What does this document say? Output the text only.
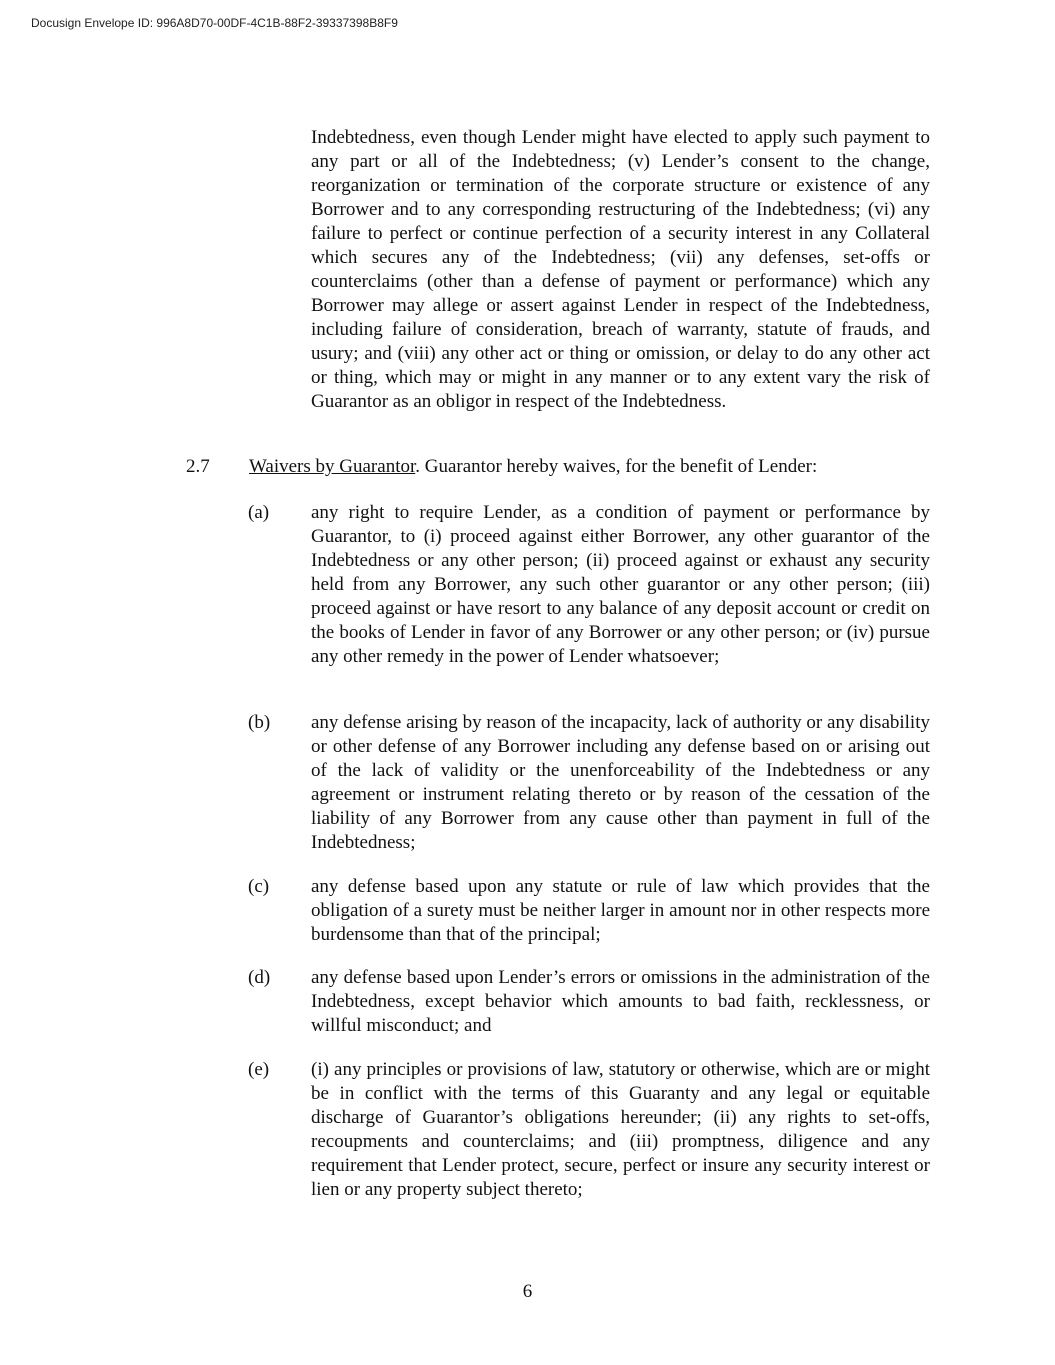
Docusign Envelope ID: 996A8D70-00DF-4C1B-88F2-39337398B8F9
Indebtedness, even though Lender might have elected to apply such payment to any part or all of the Indebtedness; (v) Lender’s consent to the change, reorganization or termination of the corporate structure or existence of any Borrower and to any corresponding restructuring of the Indebtedness; (vi) any failure to perfect or continue perfection of a security interest in any Collateral which secures any of the Indebtedness; (vii) any defenses, set-offs or counterclaims (other than a defense of payment or performance) which any Borrower may allege or assert against Lender in respect of the Indebtedness, including failure of consideration, breach of warranty, statute of frauds, and usury; and (viii) any other act or thing or omission, or delay to do any other act or thing, which may or might in any manner or to any extent vary the risk of Guarantor as an obligor in respect of the Indebtedness.
2.7 Waivers by Guarantor. Guarantor hereby waives, for the benefit of Lender:
(a) any right to require Lender, as a condition of payment or performance by Guarantor, to (i) proceed against either Borrower, any other guarantor of the Indebtedness or any other person; (ii) proceed against or exhaust any security held from any Borrower, any such other guarantor or any other person; (iii) proceed against or have resort to any balance of any deposit account or credit on the books of Lender in favor of any Borrower or any other person; or (iv) pursue any other remedy in the power of Lender whatsoever;
(b) any defense arising by reason of the incapacity, lack of authority or any disability or other defense of any Borrower including any defense based on or arising out of the lack of validity or the unenforceability of the Indebtedness or any agreement or instrument relating thereto or by reason of the cessation of the liability of any Borrower from any cause other than payment in full of the Indebtedness;
(c) any defense based upon any statute or rule of law which provides that the obligation of a surety must be neither larger in amount nor in other respects more burdensome than that of the principal;
(d) any defense based upon Lender’s errors or omissions in the administration of the Indebtedness, except behavior which amounts to bad faith, recklessness, or willful misconduct; and
(e) (i) any principles or provisions of law, statutory or otherwise, which are or might be in conflict with the terms of this Guaranty and any legal or equitable discharge of Guarantor’s obligations hereunder; (ii) any rights to set-offs, recoupments and counterclaims; and (iii) promptness, diligence and any requirement that Lender protect, secure, perfect or insure any security interest or lien or any property subject thereto;
6
